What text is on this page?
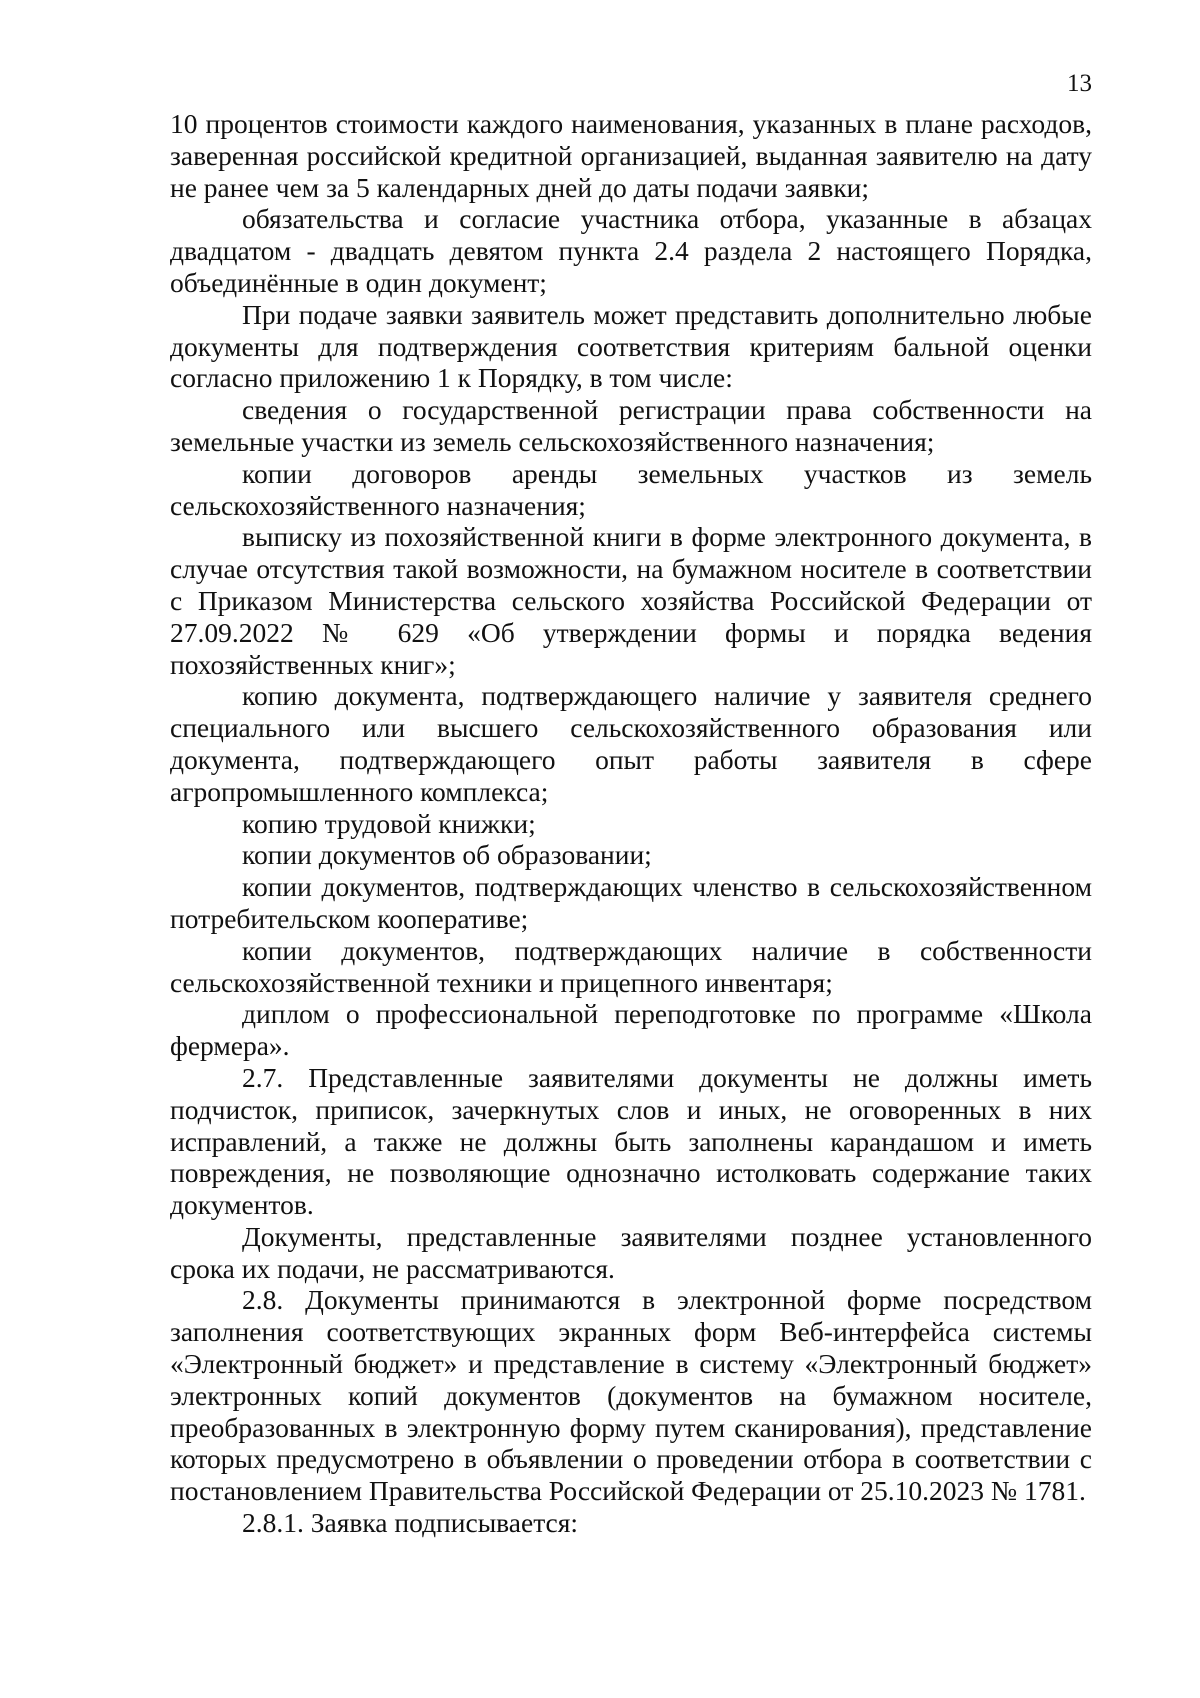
13

10 процентов стоимости каждого наименования, указанных в плане расходов, заверенная российской кредитной организацией, выданная заявителю на дату не ранее чем за 5 календарных дней до даты подачи заявки;

обязательства и согласие участника отбора, указанные в абзацах двадцатом - двадцать девятом пункта 2.4 раздела 2 настоящего Порядка, объединённые в один документ;

При подаче заявки заявитель может представить дополнительно любые документы для подтверждения соответствия критериям бальной оценки согласно приложению 1 к Порядку, в том числе:

сведения о государственной регистрации права собственности на земельные участки из земель сельскохозяйственного назначения;

копии договоров аренды земельных участков из земель сельскохозяйственного назначения;

выписку из похозяйственной книги в форме электронного документа, в случае отсутствия такой возможности, на бумажном носителе в соответствии с Приказом Министерства сельского хозяйства Российской Федерации от 27.09.2022 № 629 «Об утверждении формы и порядка ведения похозяйственных книг»;

копию документа, подтверждающего наличие у заявителя среднего специального или высшего сельскохозяйственного образования или документа, подтверждающего опыт работы заявителя в сфере агропромышленного комплекса;

копию трудовой книжки;

копии документов об образовании;

копии документов, подтверждающих членство в сельскохозяйственном потребительском кооперативе;

копии документов, подтверждающих наличие в собственности сельскохозяйственной техники и прицепного инвентаря;

диплом о профессиональной переподготовке по программе «Школа фермера».

2.7. Представленные заявителями документы не должны иметь подчисток, приписок, зачеркнутых слов и иных, не оговоренных в них исправлений, а также не должны быть заполнены карандашом и иметь повреждения, не позволяющие однозначно истолковать содержание таких документов.

Документы, представленные заявителями позднее установленного срока их подачи, не рассматриваются.

2.8. Документы принимаются в электронной форме посредством заполнения соответствующих экранных форм Веб-интерфейса системы «Электронный бюджет» и представление в систему «Электронный бюджет» электронных копий документов (документов на бумажном носителе, преобразованных в электронную форму путем сканирования), представление которых предусмотрено в объявлении о проведении отбора в соответствии с постановлением Правительства Российской Федерации от 25.10.2023 № 1781.

2.8.1. Заявка подписывается:
